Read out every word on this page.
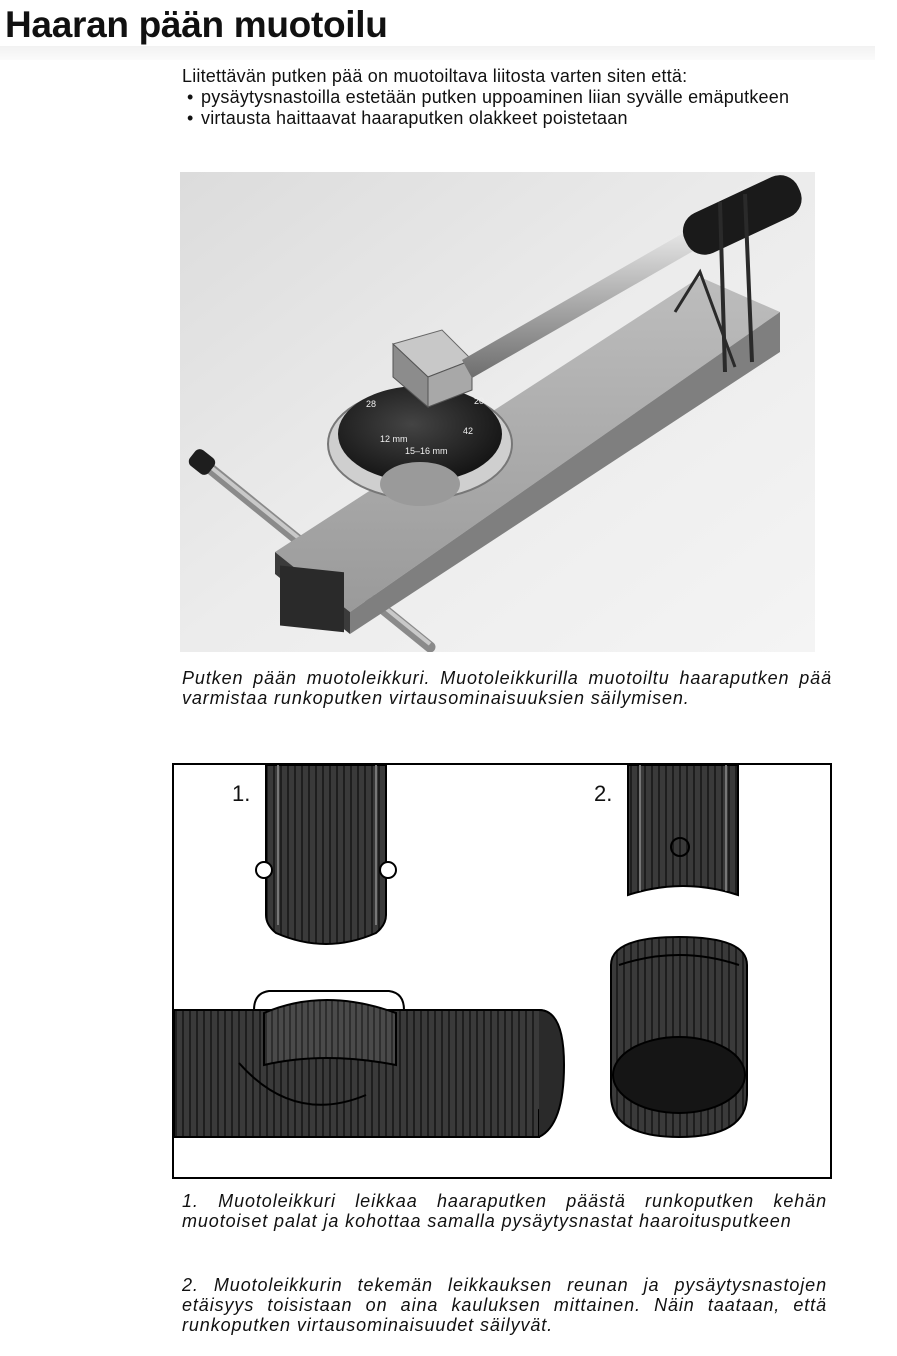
Haaran pään muotoilu

Liitettävän putken pää on muotoiltava liitosta varten siten että:

• pysäytysnastoilla estetään putken uppoaminen liian syvälle emäputkeen
• virtausta haittaavat haaraputken olakkeet poistetaan
12 mm
15–16 mm
42
28	20

Putken pään muotoleikkuri. Muotoleikkurilla muotoiltu haaraputken pää varmistaa runkoputken virtausominaisuuksien säilymisen.

1.	2.

1. Muotoleikkuri leikkaa haaraputken päästä runkoputken kehän muotoiset palat ja kohottaa samalla pysäytysnastat haaroitusputkeen

2. Muotoleikkurin tekemän leikkauksen reunan ja pysäytysnastojen etäisyys toisistaan on aina kauluksen mittainen. Näin taataan, että runkoputken virtausominaisuudet säilyvät.
